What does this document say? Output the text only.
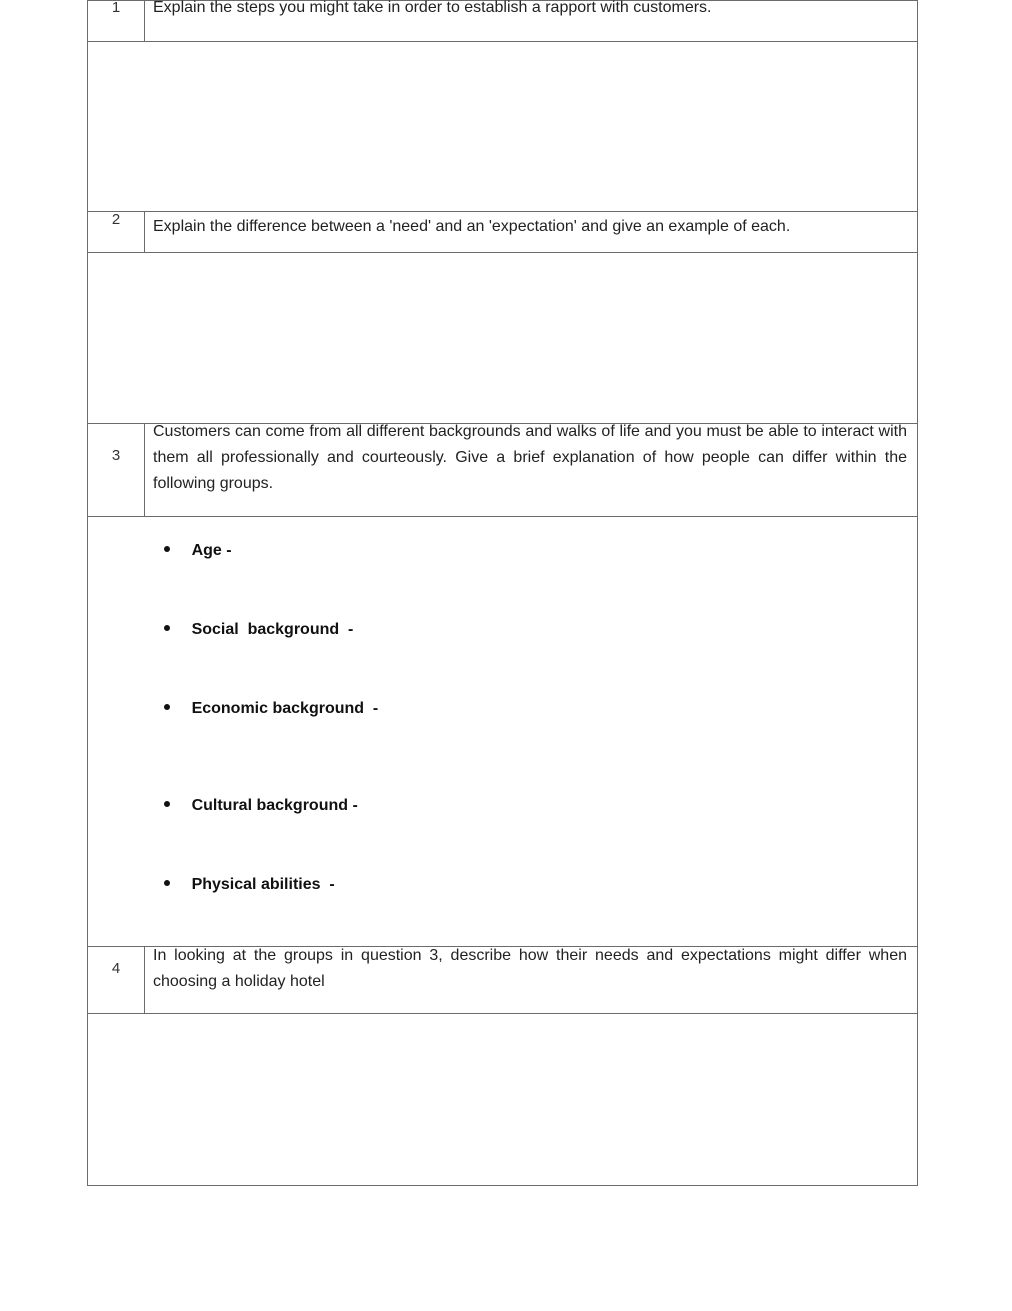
1	Explain the steps you might take in order to establish a rapport with customers.
2	Explain the difference between a 'need' and an 'expectation' and give an example of each.
3
Customers can come from all different backgrounds and walks of life and you must be able to interact with them all professionally and courteously. Give a brief explanation of how people can differ within the following groups.

Age -

Social  background  -

Economic background  -

Cultural background -

Physical abilities  -

4
In looking at the groups in question 3, describe how their needs and expectations might differ when choosing a holiday hotel
